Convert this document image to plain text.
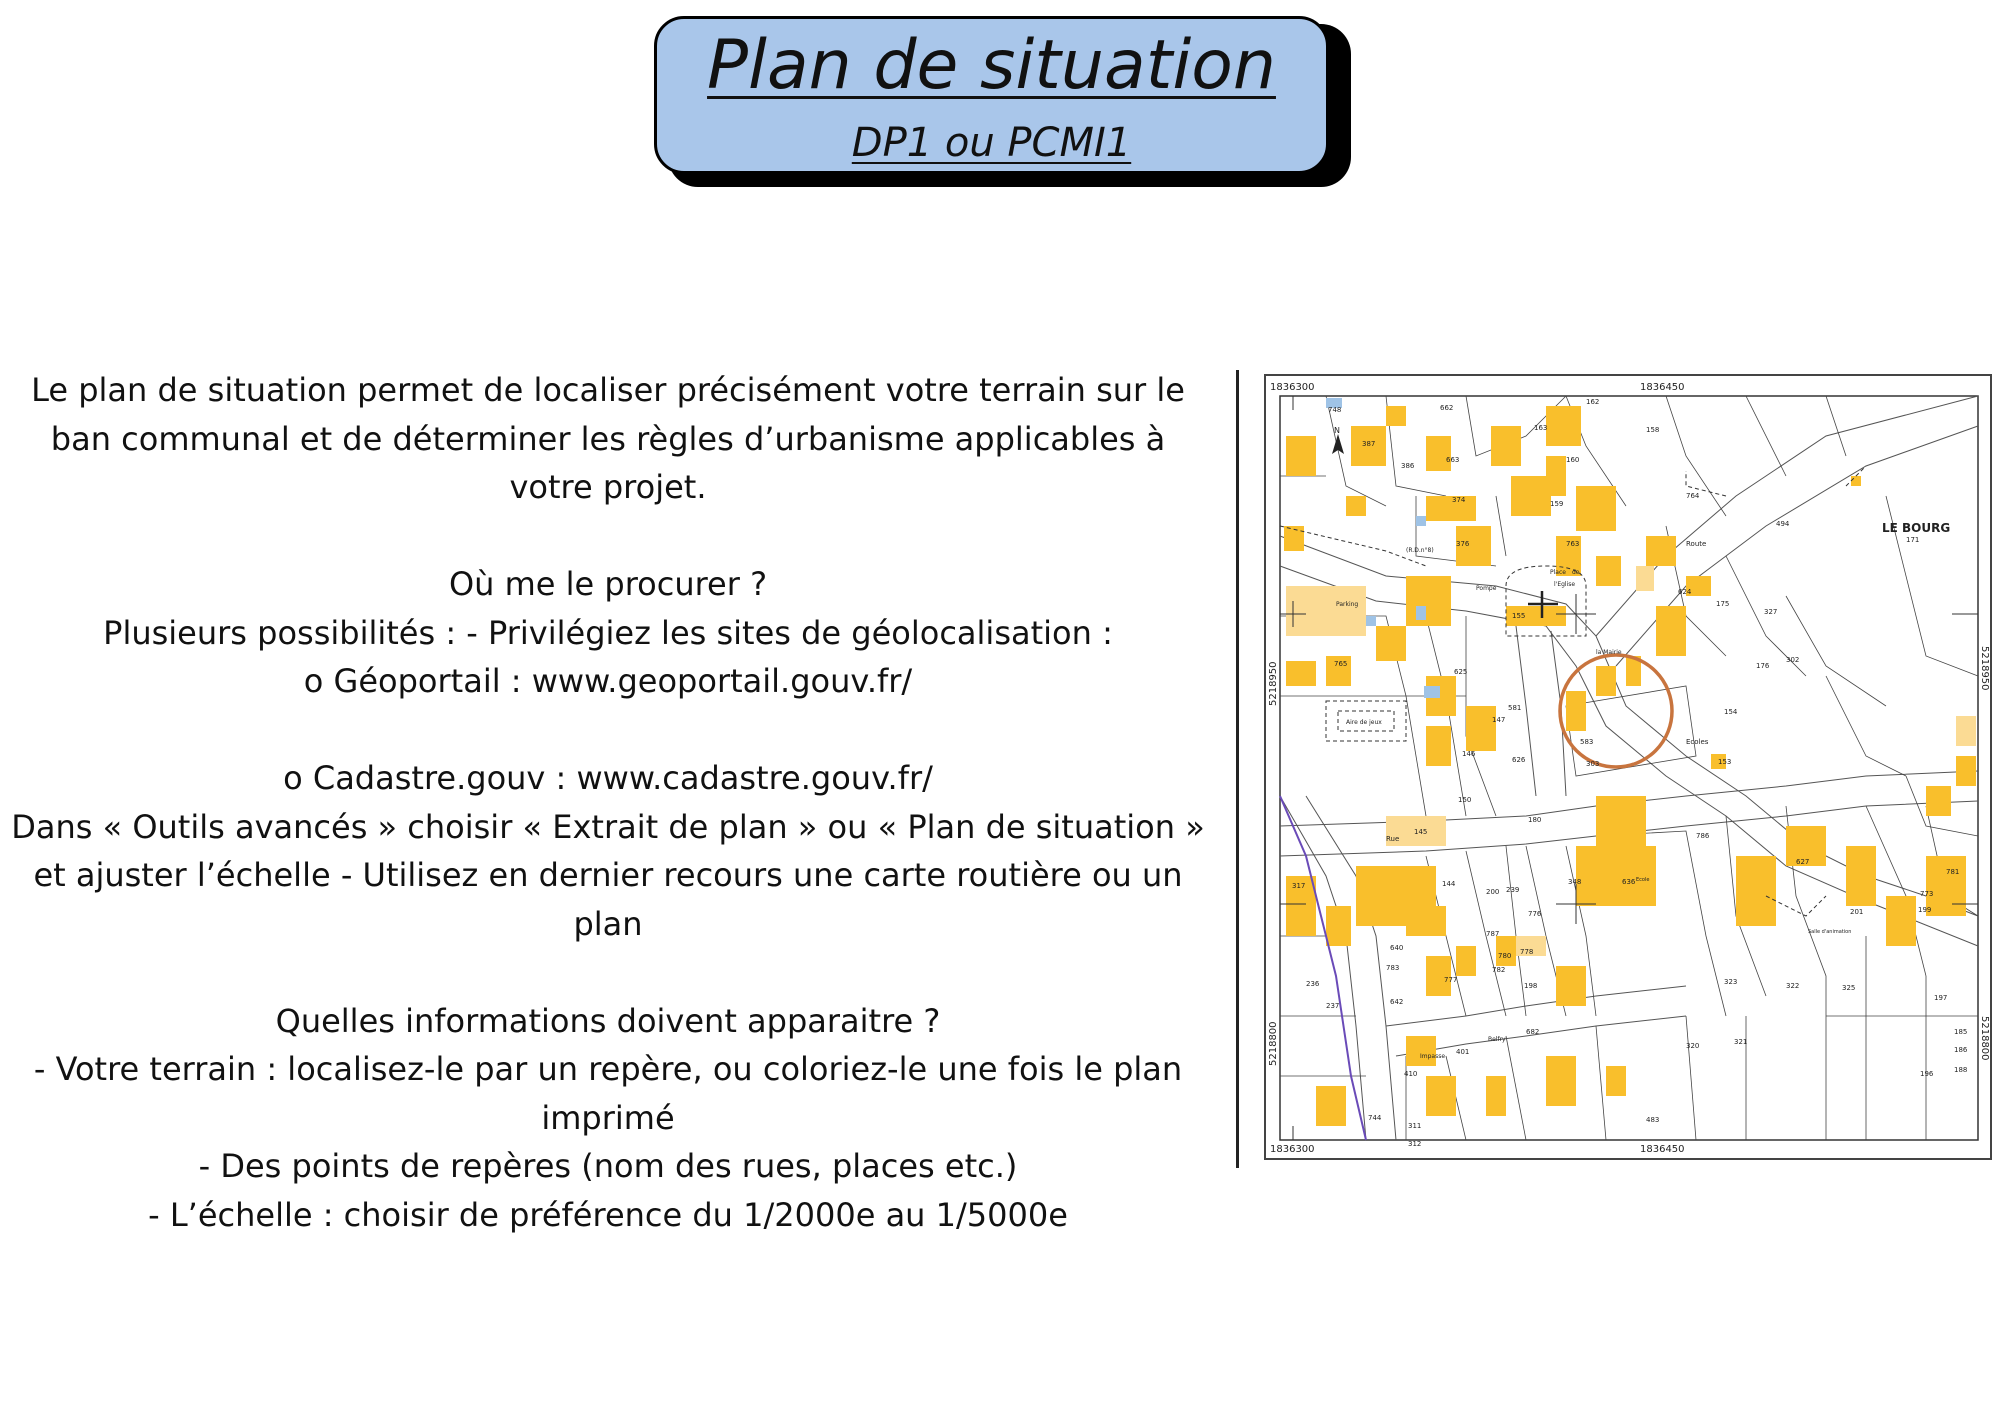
Plan de situation
DP1 ou PCMI1

Le plan de situation permet de localiser précisément votre terrain sur le

ban communal et de déterminer les règles d’urbanisme applicables à

votre projet.

Où me le procurer ?

Plusieurs possibilités : - Privilégiez les sites de géolocalisation :

o Géoportail : www.geoportail.gouv.fr/

o Cadastre.gouv : www.cadastre.gouv.fr/

Dans « Outils avancés » choisir « Extrait de plan » ou « Plan de situation »

et ajuster l’échelle - Utilisez en dernier recours une carte routière ou un

plan

Quelles informations doivent apparaitre ?

- Votre terrain : localisez-le par un repère, ou coloriez-le une fois le plan

imprimé

- Des points de repères (nom des rues, places etc.)

- L’échelle : choisir de préférence du 1/2000e au 1/5000e

1836300	1836450
1836300	1836450
5218950
5218800
5218950
5218800
N
LE BOURG
Parking
Aire de jeux
Place de
l'Eglise
la Mairie
Ecoles
Rue
Route
Ecole
Salle d'animation
(R.D.n°8)
Pompe
Impasse
Belfry
748	662
163
162
158
387
386
663	160
764
494
159
374
376	763	171
624
175
327
765
625
155
176
302
147
581	154
153
146
303
583
626
150
145
180
144	348	636
786
627
317
200 239
776
773
787
780
781
199
201
640
782
778
783
198	323	322	325
236
237	642
777
682
401
320	321
197
410
744
311
312
483
185
186
188
196
